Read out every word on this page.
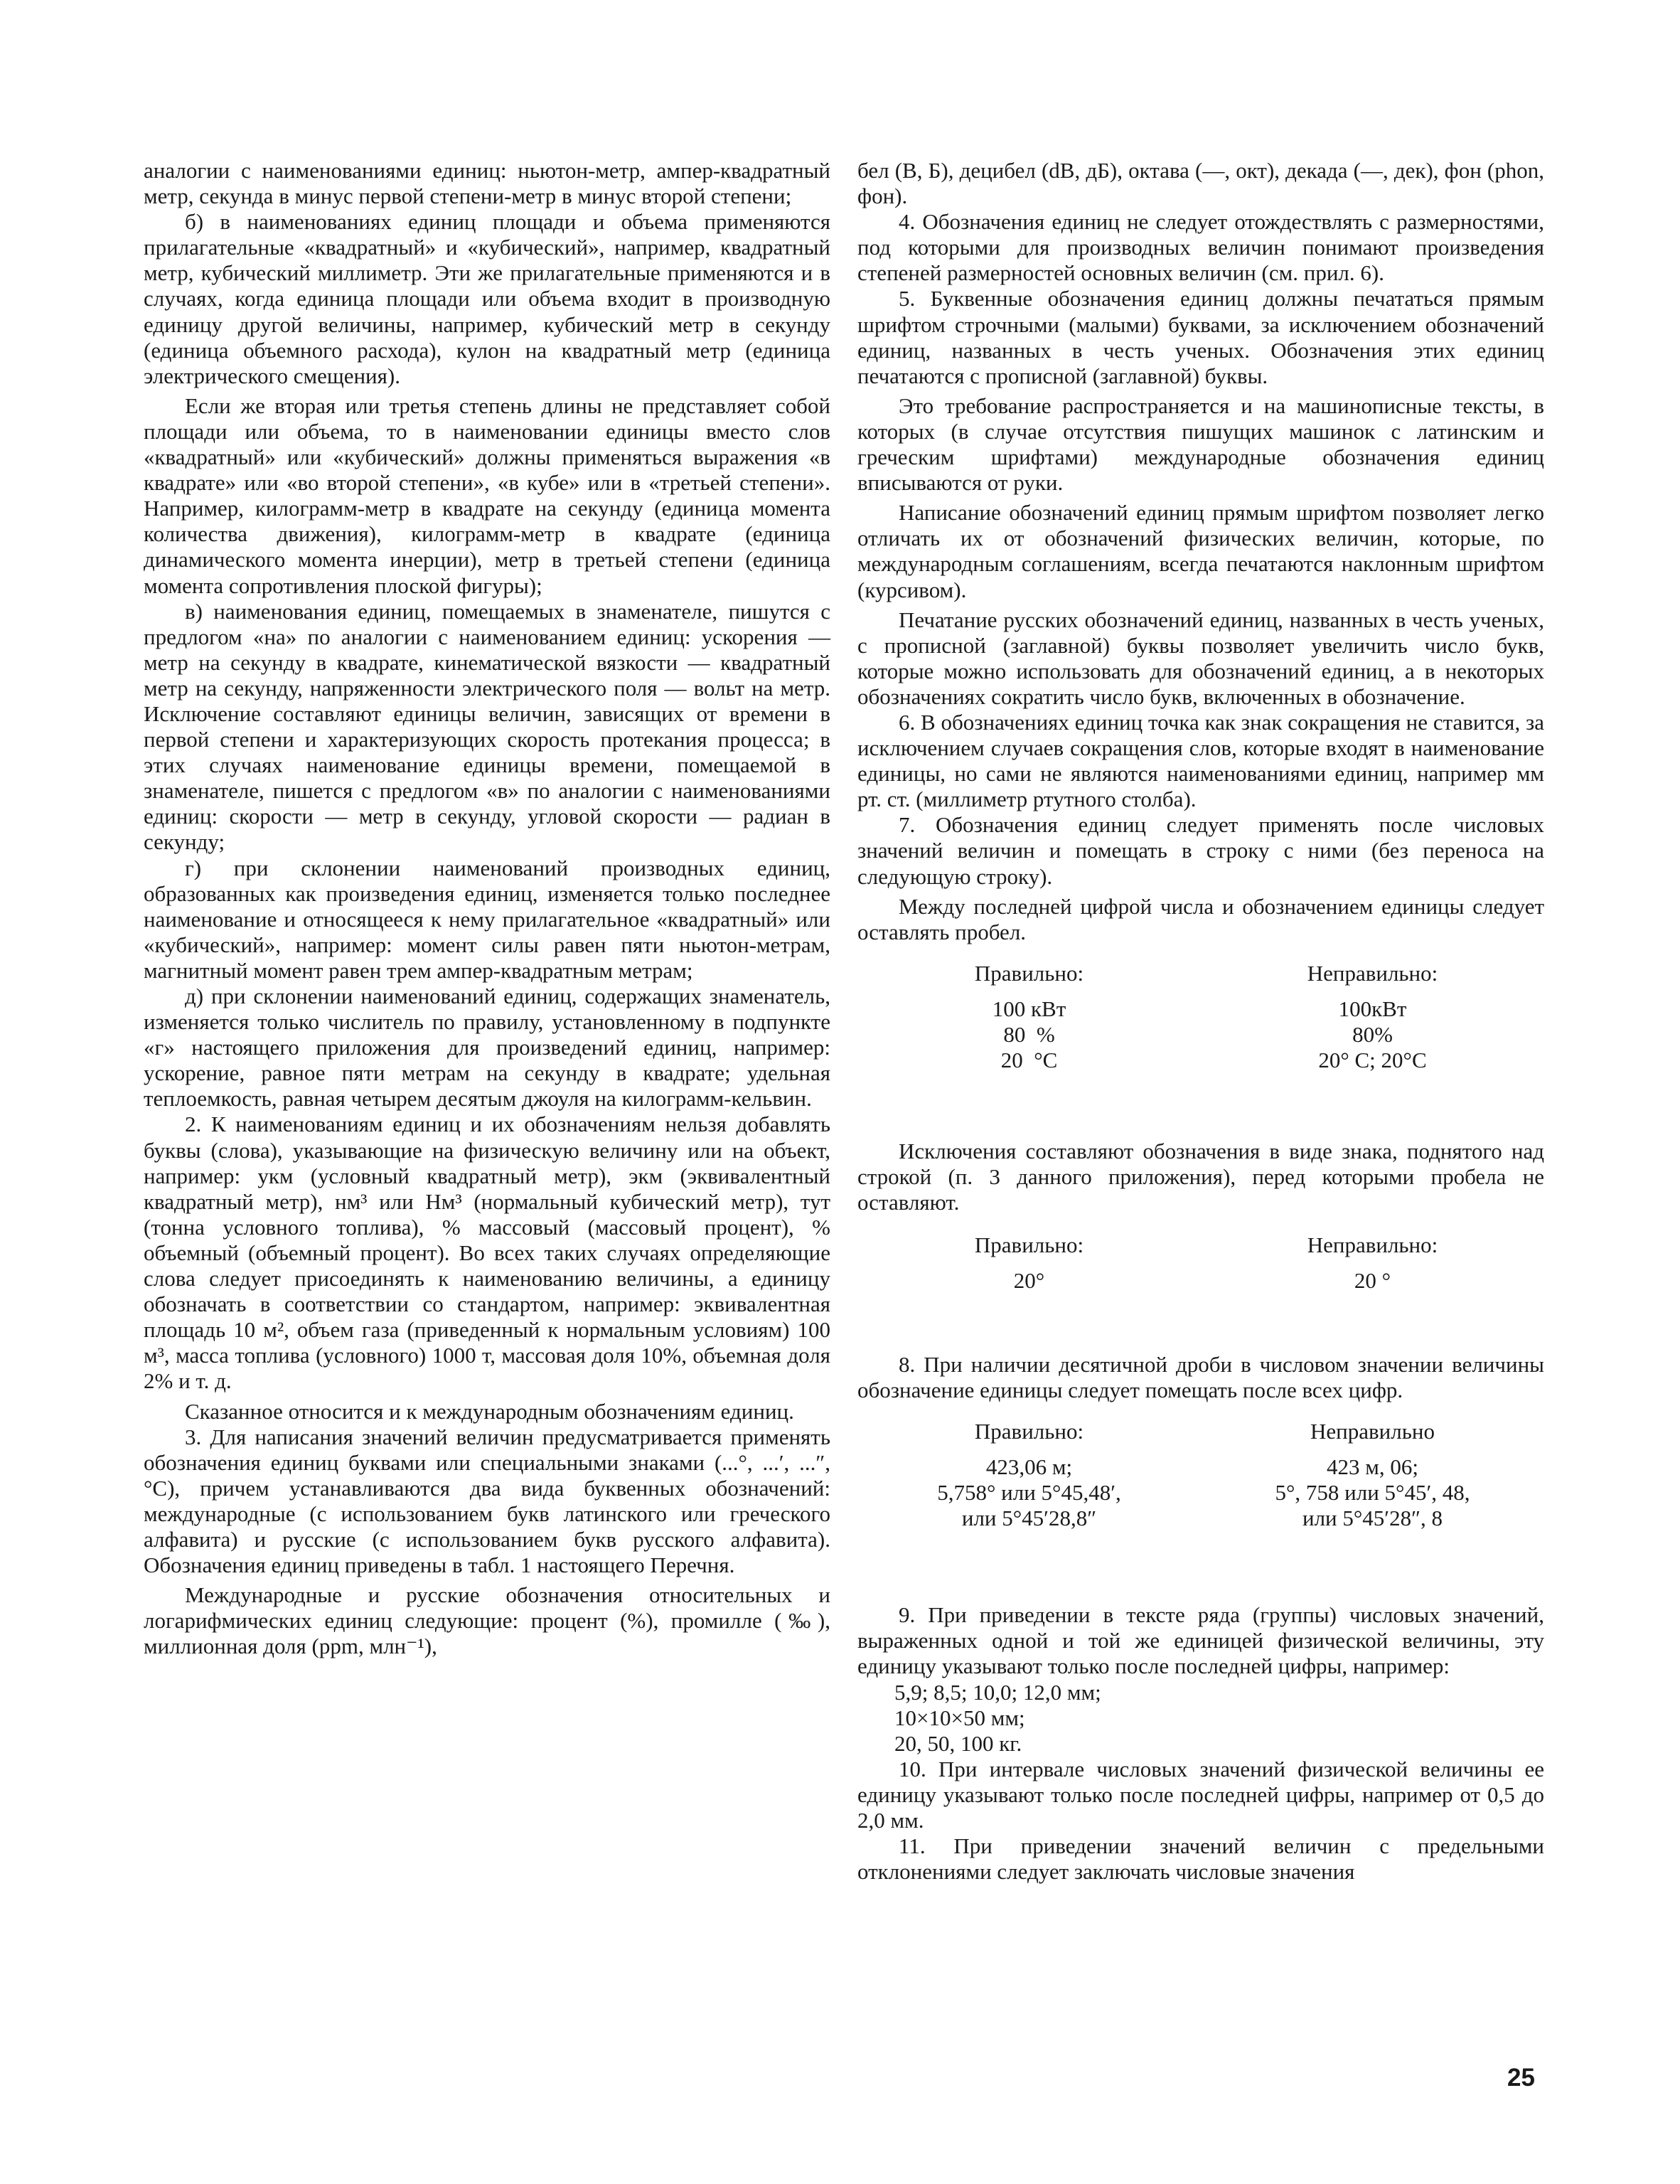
аналогии с наименованиями единиц: ньютон-метр, ампер-квадратный метр, секунда в минус первой степени-метр в минус второй степени;

б) в наименованиях единиц площади и объема применяются прилагательные «квадратный» и «кубический», например, квадратный метр, кубический миллиметр. Эти же прилагательные применяются и в случаях, когда единица площади или объема входит в производную единицу другой величины, например, кубический метр в секунду (единица объемного расхода), кулон на квадратный метр (единица электрического смещения).

Если же вторая или третья степень длины не представляет собой площади или объема, то в наименовании единицы вместо слов «квадратный» или «кубический» должны применяться выражения «в квадрате» или «во второй степени», «в кубе» или в «третьей степени». Например, килограмм-метр в квадрате на секунду (единица момента количества движения), килограмм-метр в квадрате (единица динамического момента инерции), метр в третьей степени (единица момента сопротивления плоской фигуры);

в) наименования единиц, помещаемых в знаменателе, пишутся с предлогом «на» по аналогии с наименованием единиц: ускорения — метр на секунду в квадрате, кинематической вязкости — квадратный метр на секунду, напряженности электрического поля — вольт на метр. Исключение составляют единицы величин, зависящих от времени в первой степени и характеризующих скорость протекания процесса; в этих случаях наименование единицы времени, помещаемой в знаменателе, пишется с предлогом «в» по аналогии с наименованиями единиц: скорости — метр в секунду, угловой скорости — радиан в секунду;

г) при склонении наименований производных единиц, образованных как произведения единиц, изменяется только последнее наименование и относящееся к нему прилагательное «квадратный» или «кубический», например: момент силы равен пяти ньютон-метрам, магнитный момент равен трем ампер-квадратным метрам;

д) при склонении наименований единиц, содержащих знаменатель, изменяется только числитель по правилу, установленному в подпункте «г» настоящего приложения для произведений единиц, например: ускорение, равное пяти метрам на секунду в квадрате; удельная теплоемкость, равная четырем десятым джоуля на килограмм-кельвин.

2. К наименованиям единиц и их обозначениям нельзя добавлять буквы (слова), указывающие на физическую величину или на объект, например: укм (условный квадратный метр), экм (эквивалентный квадратный метр), нм³ или Нм³ (нормальный кубический метр), тут (тонна условного топлива), % массовый (массовый процент), % объемный (объемный процент). Во всех таких случаях определяющие слова следует присоединять к наименованию величины, а единицу обозначать в соответствии со стандартом, например: эквивалентная площадь 10 м², объем газа (приведенный к нормальным условиям) 100 м³, масса топлива (условного) 1000 т, массовая доля 10%, объемная доля 2% и т. д.

Сказанное относится и к международным обозначениям единиц.

3. Для написания значений величин предусматривается применять обозначения единиц буквами или специальными знаками (...°, ...′, ...″, °С), причем устанавливаются два вида буквенных обозначений: международные (с использованием букв латинского или греческого алфавита) и русские (с использованием букв русского алфавита). Обозначения единиц приведены в табл. 1 настоящего Перечня.

Международные и русские обозначения относительных и логарифмических единиц следующие: процент (%), промилле (‰), миллионная доля (ppm, млн⁻¹),

бел (B, Б), децибел (dB, дБ), октава (—, окт), декада (—, дек), фон (phon, фон).

4. Обозначения единиц не следует отождествлять с размерностями, под которыми для производных величин понимают произведения степеней размерностей основных величин (см. прил. 6).

5. Буквенные обозначения единиц должны печататься прямым шрифтом строчными (малыми) буквами, за исключением обозначений единиц, названных в честь ученых. Обозначения этих единиц печатаются с прописной (заглавной) буквы.

Это требование распространяется и на машинописные тексты, в которых (в случае отсутствия пишущих машинок с латинским и греческим шрифтами) международные обозначения единиц вписываются от руки.

Написание обозначений единиц прямым шрифтом позволяет легко отличать их от обозначений физических величин, которые, по международным соглашениям, всегда печатаются наклонным шрифтом (курсивом).

Печатание русских обозначений единиц, названных в честь ученых, с прописной (заглавной) буквы позволяет увеличить число букв, которые можно использовать для обозначений единиц, а в некоторых обозначениях сократить число букв, включенных в обозначение.

6. В обозначениях единиц точка как знак сокращения не ставится, за исключением случаев сокращения слов, которые входят в наименование единицы, но сами не являются наименованиями единиц, например мм рт. ст. (миллиметр ртутного столба).

7. Обозначения единиц следует применять после числовых значений величин и помещать в строку с ними (без переноса на следующую строку).

Между последней цифрой числа и обозначением единицы следует оставлять пробел.

Правильно:
100 кВт
80  %
20  °С
Неправильно:
100кВт
80%
20° С; 20°С

Исключения составляют обозначения в виде знака, поднятого над строкой (п. 3 данного приложения), перед которыми пробела не оставляют.

Правильно:
20°
Неправильно:
20 °

8. При наличии десятичной дроби в числовом значении величины обозначение единицы следует помещать после всех цифр.

Правильно:
423,06 м;
5,758° или 5°45,48′,
или 5°45′28,8″
Неправильно
423 м, 06;
5°, 758 или 5°45′, 48,
или 5°45′28″, 8

9. При приведении в тексте ряда (группы) числовых значений, выраженных одной и той же единицей физической величины, эту единицу указывают только после последней цифры, например:

5,9; 8,5; 10,0; 12,0 мм;
10×10×50 мм;
20, 50, 100 кг.

10. При интервале числовых значений физической величины ее единицу указывают только после последней цифры, например от 0,5 до 2,0 мм.

11. При приведении значений величин с предельными отклонениями следует заключать числовые значения

25
